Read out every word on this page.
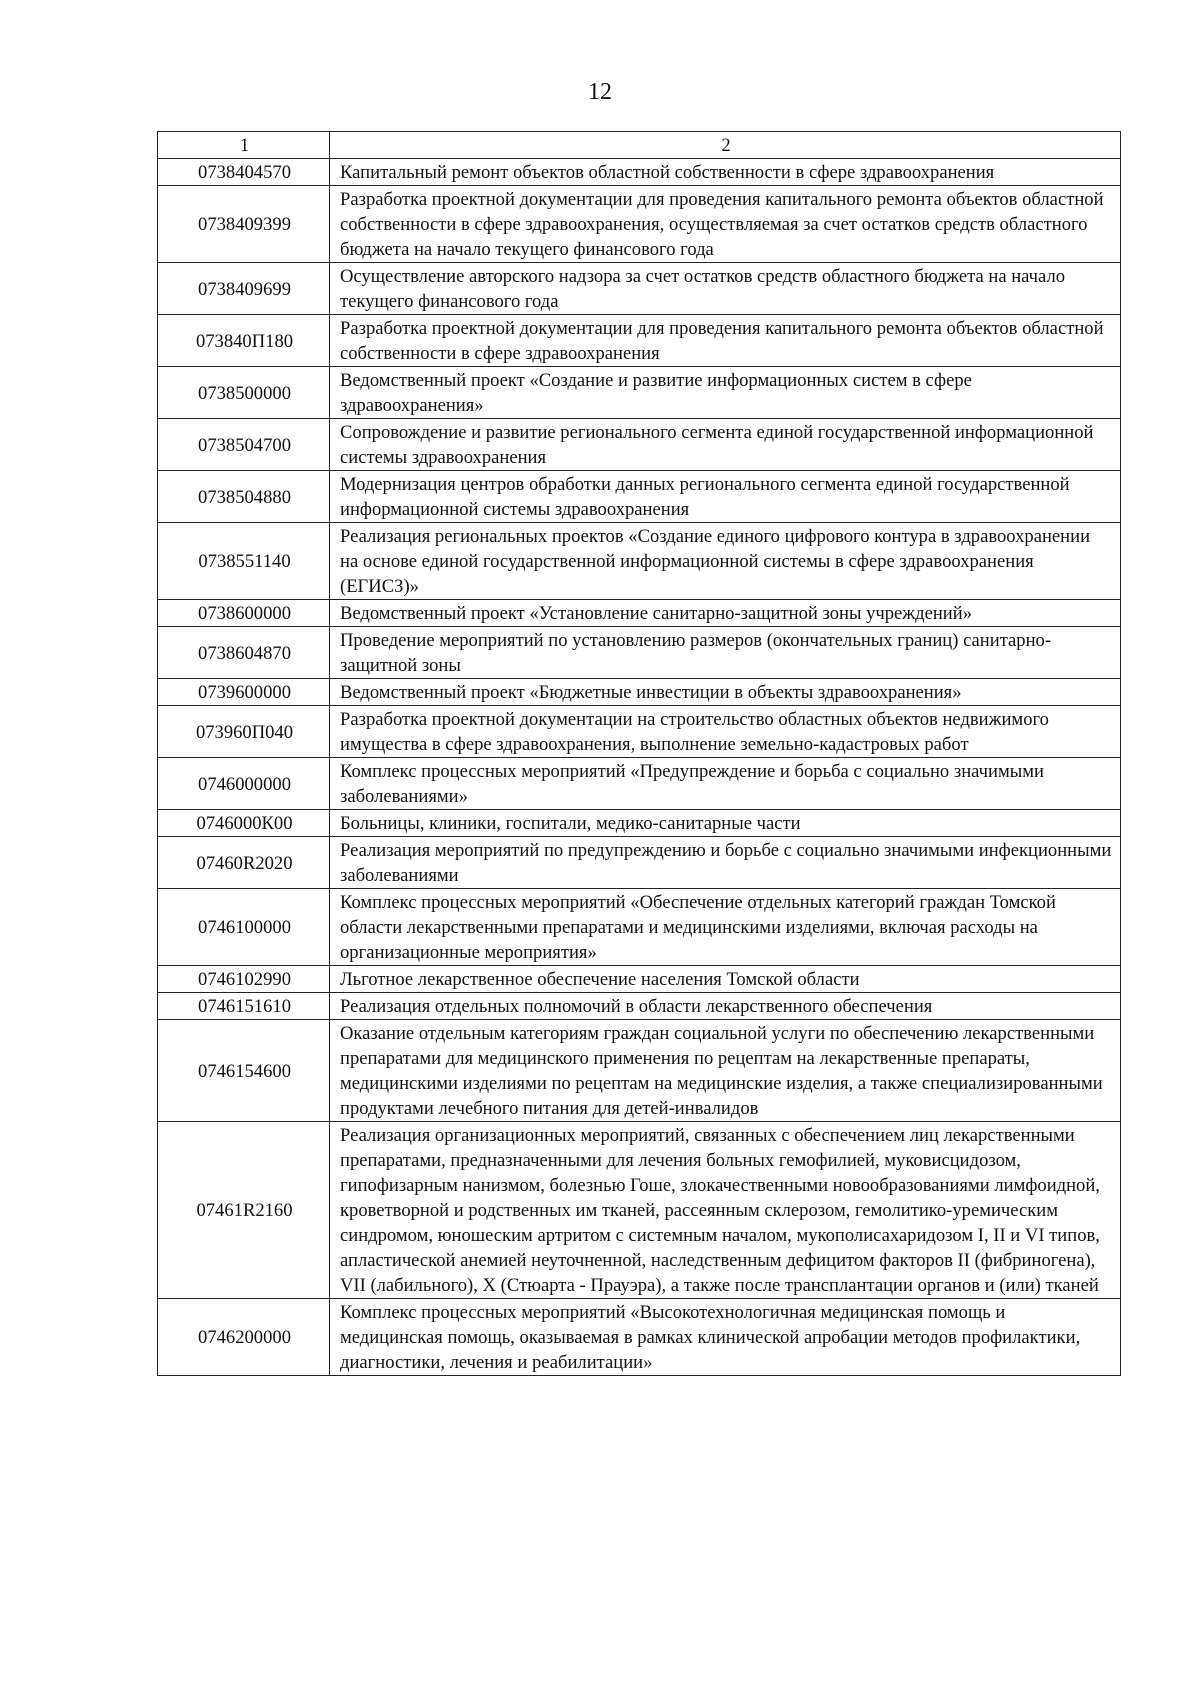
12
1	2
0738404570	Капитальный ремонт объектов областной собственности в сфере здравоохранения
0738409399	Разработка проектной документации для проведения капитального ремонта объектов областной собственности в сфере здравоохранения, осуществляемая за счет остатков средств областного бюджета на начало текущего финансового года
0738409699	Осуществление авторского надзора за счет остатков средств областного бюджета на начало текущего финансового года
073840П180	Разработка проектной документации для проведения капитального ремонта объектов областной собственности в сфере здравоохранения
0738500000	Ведомственный проект «Создание и развитие информационных систем в сфере здравоохранения»
0738504700	Сопровождение и развитие регионального сегмента единой государственной информационной системы здравоохранения
0738504880	Модернизация центров обработки данных регионального сегмента единой государственной информационной системы здравоохранения
0738551140	Реализация региональных проектов «Создание единого цифрового контура в здравоохранении на основе единой государственной информационной системы в сфере здравоохранения (ЕГИСЗ)»
0738600000	Ведомственный проект «Установление санитарно-защитной зоны учреждений»
0738604870	Проведение мероприятий по установлению размеров (окончательных границ) санитарно-защитной зоны
0739600000	Ведомственный проект «Бюджетные инвестиции в объекты здравоохранения»
073960П040	Разработка проектной документации на строительство областных объектов недвижимого имущества в сфере здравоохранения, выполнение земельно-кадастровых работ
0746000000	Комплекс процессных мероприятий «Предупреждение и борьба с социально значимыми заболеваниями»
0746000К00	Больницы, клиники, госпитали, медико-санитарные части
07460R2020	Реализация мероприятий по предупреждению и борьбе с социально значимыми инфекционными заболеваниями
0746100000	Комплекс процессных мероприятий «Обеспечение отдельных категорий граждан Томской области лекарственными препаратами и медицинскими изделиями, включая расходы на организационные мероприятия»
0746102990	Льготное лекарственное обеспечение населения Томской области
0746151610	Реализация отдельных полномочий в области лекарственного обеспечения
0746154600	Оказание отдельным категориям граждан социальной услуги по обеспечению лекарственными препаратами для медицинского применения по рецептам на лекарственные препараты, медицинскими изделиями по рецептам на медицинские изделия, а также специализированными продуктами лечебного питания для детей-инвалидов
07461R2160	Реализация организационных мероприятий, связанных с обеспечением лиц лекарственными препаратами, предназначенными для лечения больных гемофилией, муковисцидозом, гипофизарным нанизмом, болезнью Гоше, злокачественными новообразованиями лимфоидной, кроветворной и родственных им тканей, рассеянным склерозом, гемолитико-уремическим синдромом, юношеским артритом с системным началом, мукополисахаридозом I, II и VI типов, апластической анемией неуточненной, наследственным дефицитом факторов II (фибриногена), VII (лабильного), X (Стюарта - Прауэра), а также после трансплантации органов и (или) тканей
0746200000	Комплекс процессных мероприятий «Высокотехнологичная медицинская помощь и медицинская помощь, оказываемая в рамках клинической апробации методов профилактики, диагностики, лечения и реабилитации»
